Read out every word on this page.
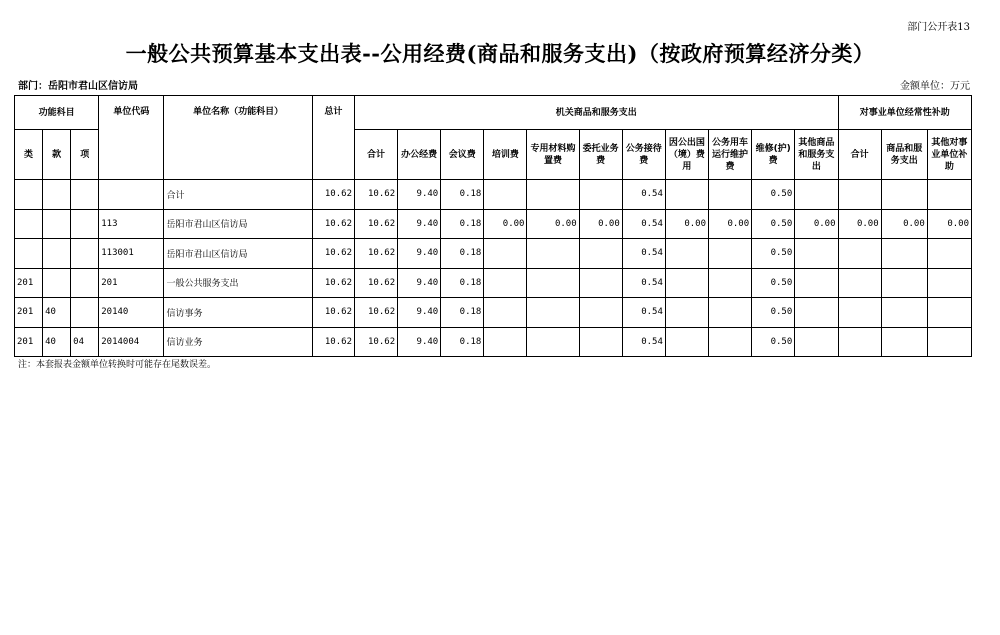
部门公开表13
一般公共预算基本支出表--公用经费(商品和服务支出)（按政府预算经济分类）
部门：岳阳市君山区信访局	金额单位：万元
功能科目			单位代码	单位名称（功能科目）	总计	机关商品和服务支出											对事业单位经常性补助		
类	款	项				合计	办公经费	会议费	培训费	专用材料购置费	委托业务费	公务接待费	因公出国（境）费用	公务用车运行维护费	维修(护)费	其他商品和服务支出	合计	商品和服务支出	其他对事业单位补助
				合计	10.62	10.62	9.40	0.18				0.54			0.50				
			113	岳阳市君山区信访局	10.62	10.62	9.40	0.18	0.00	0.00	0.00	0.54	0.00	0.00	0.50	0.00	0.00	0.00	0.00
			113001	岳阳市君山区信访局	10.62	10.62	9.40	0.18				0.54			0.50				
201			201	一般公共服务支出	10.62	10.62	9.40	0.18				0.54			0.50				
201	40		20140	信访事务	10.62	10.62	9.40	0.18				0.54			0.50				
201	40	04	2014004	信访业务	10.62	10.62	9.40	0.18				0.54			0.50				
注：本套报表金额单位转换时可能存在尾数误差。
